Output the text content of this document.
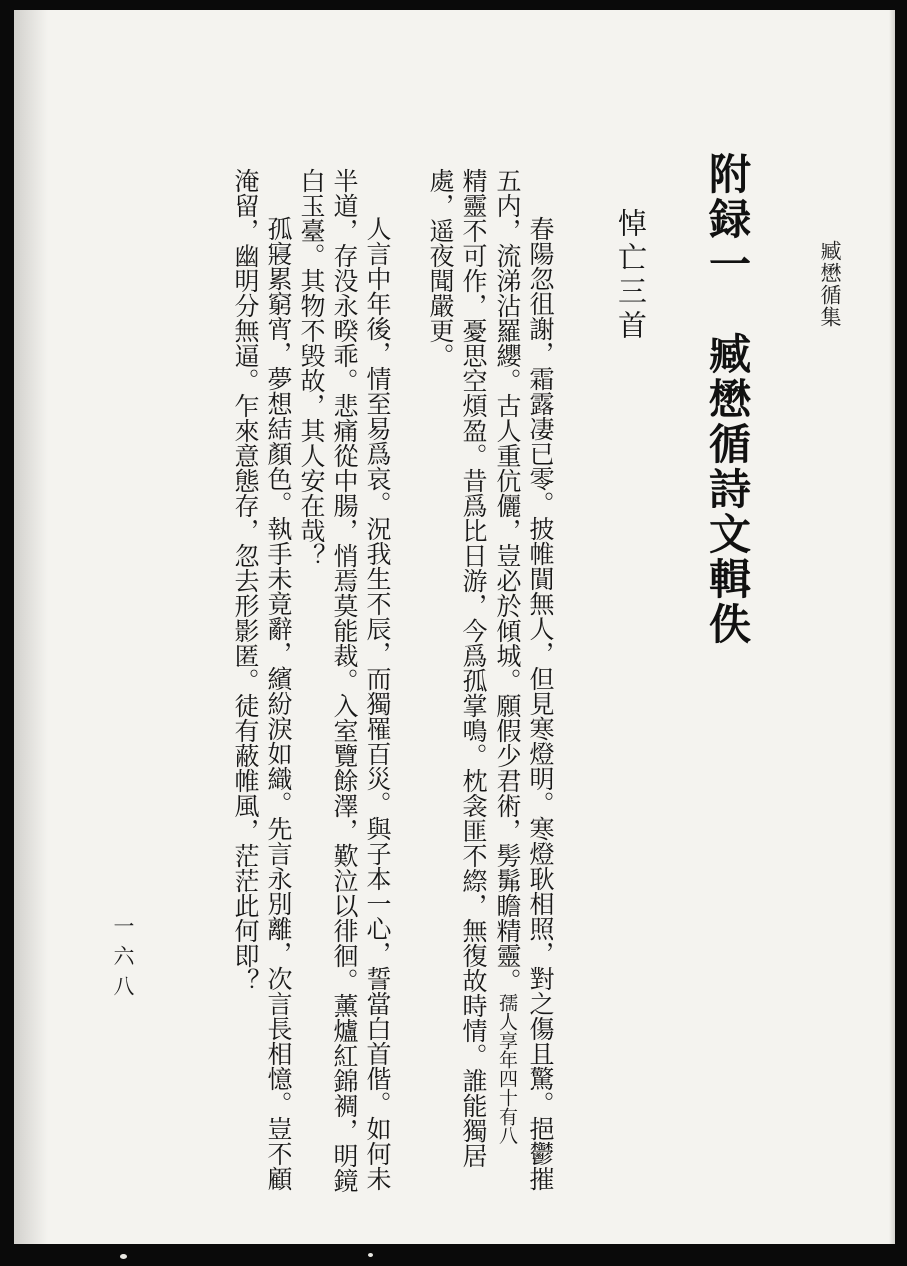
臧懋循集
附録一　臧懋循詩文輯佚
悼亡三首
春陽忽徂謝，霜露凄已零。披帷閴無人，但見寒燈明。寒燈耿相照，對之傷且驚。挹鬱摧
五内，流涕沾羅纓。古人重伉儷，豈必於傾城。願假少君術，髣髴瞻精靈。孺人享年四十有八
精靈不可作，憂思空煩盈。昔爲比日游，今爲孤掌鳴。枕衾匪不縩，無復故時情。誰能獨居
處，遥夜聞嚴更。
人言中年後，情至易爲哀。況我生不辰，而獨罹百災。與子本一心，誓當白首偕。如何未
半道，存没永暌乖。悲痛從中腸，悄焉莫能裁。入室覽餘澤，歎泣以徘徊。薰爐紅錦裯，明鏡
白玉臺。其物不毁故，其人安在哉？
孤寢累窮宵，夢想結顏色。執手未竟辭，繽紛淚如織。先言永別離，次言長相憶。豈不顧
淹留，幽明分無逼。乍來意態存，忽去形影匿。徒有蔽帷風，茫茫此何即？
一六八
